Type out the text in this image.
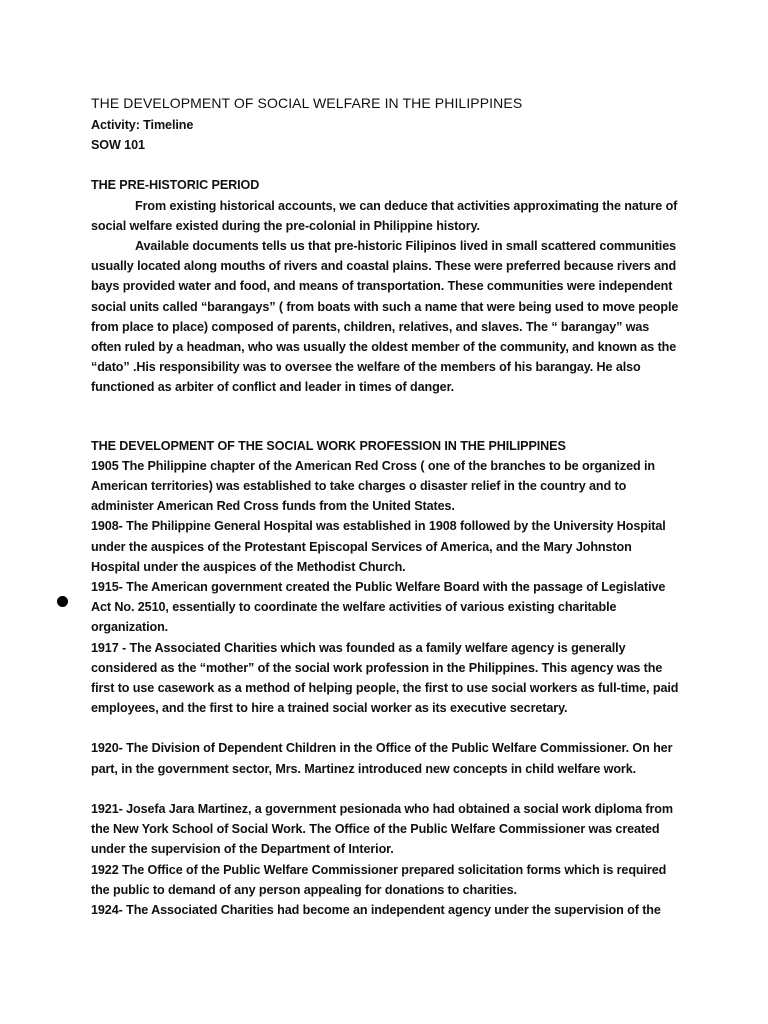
THE DEVELOPMENT OF SOCIAL WELFARE IN THE PHILIPPINES

Activity: Timeline

SOW 101

THE PRE-HISTORIC PERIOD

From existing historical accounts, we can deduce that activities approximating the nature of social welfare existed during the pre-colonial in Philippine history.

Available documents tells us that pre-historic Filipinos lived in small scattered communities usually located along mouths of rivers and coastal plains. These were preferred because rivers and bays provided water and food, and means of transportation. These communities were independent social units called “barangays” ( from boats with such a name that were being used to move people from place to place) composed of parents, children, relatives, and slaves. The “ barangay” was often ruled by a headman, who was usually the oldest member of the community, and known as the “dato” .His responsibility was to oversee the welfare of the members of his barangay. He also functioned as arbiter of conflict and leader in times of danger.

THE DEVELOPMENT OF THE SOCIAL WORK PROFESSION IN THE PHILIPPINES

1905 The Philippine chapter of the American Red Cross ( one of the branches to be organized in American territories) was established to take charges o disaster relief in the country and to administer American Red Cross funds from the United States.

1908- The Philippine General Hospital was established in 1908 followed by the University Hospital under the auspices of the Protestant Episcopal Services of America, and the Mary Johnston Hospital under the auspices of the Methodist Church.

1915- The American government created the Public Welfare Board with the passage of Legislative Act No. 2510, essentially to coordinate the welfare activities of various existing charitable organization.

1917 - The Associated Charities which was founded as a family welfare agency is generally considered as the “mother” of the social work profession in the Philippines. This agency was the first to use casework as a method of helping people, the first to use social workers as full-time, paid employees, and the first to hire a trained social worker as its executive secretary.

1920- The Division of Dependent Children in the Office of the Public Welfare Commissioner. On her part, in the government sector, Mrs. Martinez introduced new concepts in child welfare work.

1921- Josefa Jara Martinez, a government pesionada who had obtained a social work diploma from the New York School of Social Work. The Office of the Public Welfare Commissioner was created under the supervision of the Department of Interior.

1922 The Office of the Public Welfare Commissioner prepared solicitation forms which is required the public to demand of any person appealing for donations to charities.

1924- The Associated Charities had become an independent agency under the supervision of the
